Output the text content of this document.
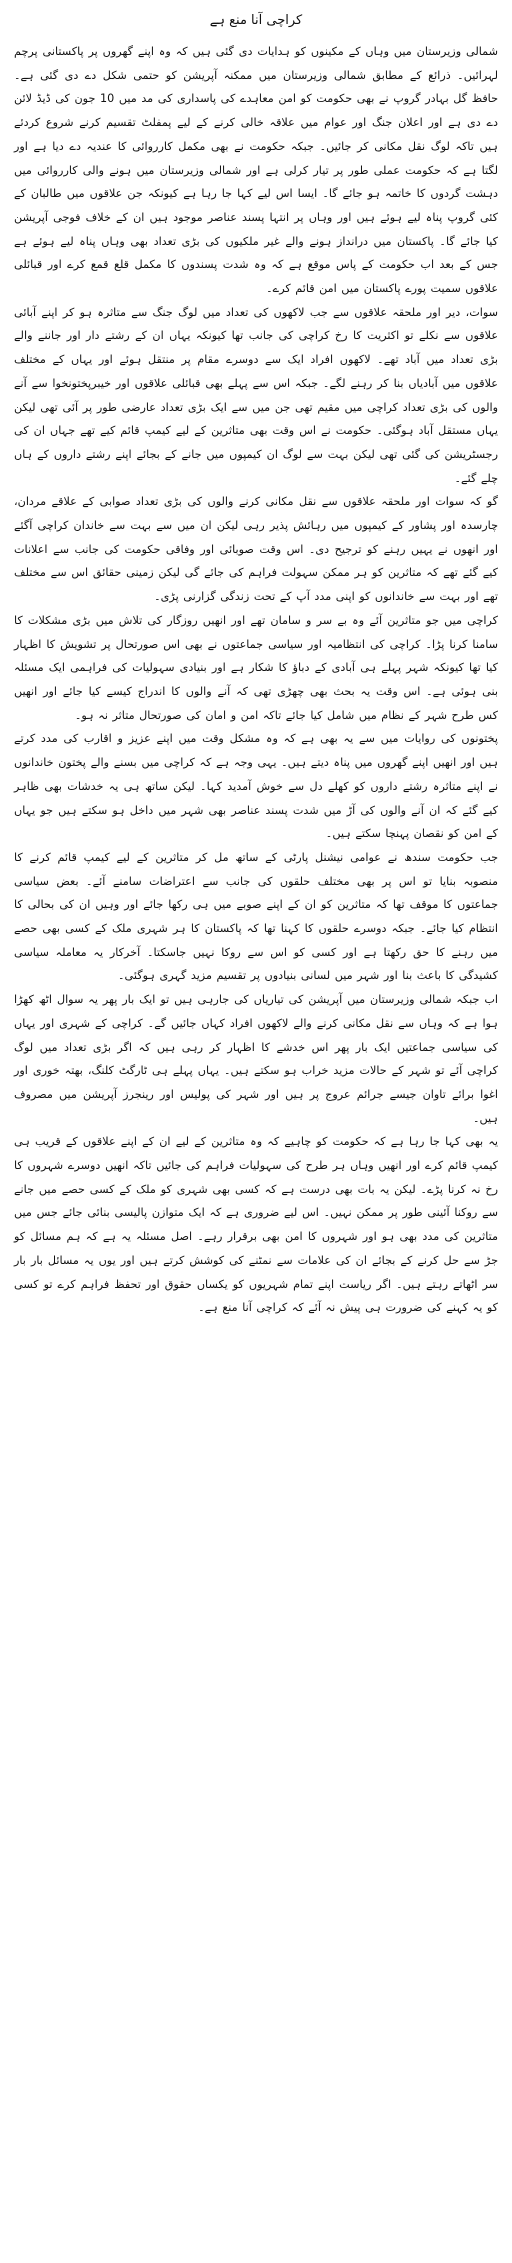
کراچی آنا منع ہے

شمالی وزیرستان میں وہاں کے مکینوں کو ہدایات دی گئی ہیں کہ وہ اپنے گھروں پر پاکستانی پرچم لہرائیں۔ ذرائع کے مطابق شمالی وزیرستان میں ممکنہ آپریشن کو حتمی شکل دے دی گئی ہے۔ حافظ گل بہادر گروپ نے بھی حکومت کو امن معاہدے کی پاسداری کی مد میں 10 جون کی ڈیڈ لائن دے دی ہے اور اعلان جنگ اور عوام میں علاقہ خالی کرنے کے لیے پمفلٹ تقسیم کرنے شروع کردئے ہیں تاکہ لوگ نقل مکانی کر جائیں۔ جبکہ حکومت نے بھی مکمل کارروائی کا عندیہ دے دیا ہے اور لگتا ہے کہ حکومت عملی طور پر تیار کرلی ہے اور شمالی وزیرستان میں ہونے والی کارروائی میں دہشت گردوں کا خاتمہ ہو جائے گا۔ ایسا اس لیے کہا جا رہا ہے کیونکہ جن علاقوں میں طالبان کے کئی گروپ پناہ لیے ہوئے ہیں اور وہاں پر انتہا پسند عناصر موجود ہیں ان کے خلاف فوجی آپریشن کیا جائے گا۔ پاکستان میں درانداز ہونے والے غیر ملکیوں کی بڑی تعداد بھی وہاں پناہ لیے ہوئے ہے جس کے بعد اب حکومت کے پاس موقع ہے کہ وہ شدت پسندوں کا مکمل قلع قمع کرے اور قبائلی علاقوں سمیت پورے پاکستان میں امن قائم کرے۔

سوات، دیر اور ملحقہ علاقوں سے جب لاکھوں کی تعداد میں لوگ جنگ سے متاثرہ ہو کر اپنے آبائی علاقوں سے نکلے تو اکثریت کا رخ کراچی کی جانب تھا کیونکہ یہاں ان کے رشتے دار اور جاننے والے بڑی تعداد میں آباد تھے۔ لاکھوں افراد ایک سے دوسرے مقام پر منتقل ہوئے اور یہاں کے مختلف علاقوں میں آبادیاں بنا کر رہنے لگے۔ جبکہ اس سے پہلے بھی قبائلی علاقوں اور خیبرپختونخوا سے آنے والوں کی بڑی تعداد کراچی میں مقیم تھی جن میں سے ایک بڑی تعداد عارضی طور پر آئی تھی لیکن یہاں مستقل آباد ہوگئی۔ حکومت نے اس وقت بھی متاثرین کے لیے کیمپ قائم کیے تھے جہاں ان کی رجسٹریشن کی گئی تھی لیکن بہت سے لوگ ان کیمپوں میں جانے کے بجائے اپنے رشتے داروں کے ہاں چلے گئے۔

گو کہ سوات اور ملحقہ علاقوں سے نقل مکانی کرنے والوں کی بڑی تعداد صوابی کے علاقے مردان، چارسدہ اور پشاور کے کیمپوں میں رہائش پذیر رہی لیکن ان میں سے بہت سے خاندان کراچی آگئے اور انھوں نے یہیں رہنے کو ترجیح دی۔ اس وقت صوبائی اور وفاقی حکومت کی جانب سے اعلانات کیے گئے تھے کہ متاثرین کو ہر ممکن سہولت فراہم کی جائے گی لیکن زمینی حقائق اس سے مختلف تھے اور بہت سے خاندانوں کو اپنی مدد آپ کے تحت زندگی گزارنی پڑی۔

کراچی میں جو متاثرین آئے وہ بے سر و سامان تھے اور انھیں روزگار کی تلاش میں بڑی مشکلات کا سامنا کرنا پڑا۔ کراچی کی انتظامیہ اور سیاسی جماعتوں نے بھی اس صورتحال پر تشویش کا اظہار کیا تھا کیونکہ شہر پہلے ہی آبادی کے دباؤ کا شکار ہے اور بنیادی سہولیات کی فراہمی ایک مسئلہ بنی ہوئی ہے۔ اس وقت یہ بحث بھی چھڑی تھی کہ آنے والوں کا اندراج کیسے کیا جائے اور انھیں کس طرح شہر کے نظام میں شامل کیا جائے تاکہ امن و امان کی صورتحال متاثر نہ ہو۔

پختونوں کی روایات میں سے یہ بھی ہے کہ وہ مشکل وقت میں اپنے عزیز و اقارب کی مدد کرتے ہیں اور انھیں اپنے گھروں میں پناہ دیتے ہیں۔ یہی وجہ ہے کہ کراچی میں بسنے والے پختون خاندانوں نے اپنے متاثرہ رشتے داروں کو کھلے دل سے خوش آمدید کہا۔ لیکن ساتھ ہی یہ خدشات بھی ظاہر کیے گئے کہ ان آنے والوں کی آڑ میں شدت پسند عناصر بھی شہر میں داخل ہو سکتے ہیں جو یہاں کے امن کو نقصان پہنچا سکتے ہیں۔

جب حکومت سندھ نے عوامی نیشنل پارٹی کے ساتھ مل کر متاثرین کے لیے کیمپ قائم کرنے کا منصوبہ بنایا تو اس پر بھی مختلف حلقوں کی جانب سے اعتراضات سامنے آئے۔ بعض سیاسی جماعتوں کا موقف تھا کہ متاثرین کو ان کے اپنے صوبے میں ہی رکھا جائے اور وہیں ان کی بحالی کا انتظام کیا جائے۔ جبکہ دوسرے حلقوں کا کہنا تھا کہ پاکستان کا ہر شہری ملک کے کسی بھی حصے میں رہنے کا حق رکھتا ہے اور کسی کو اس سے روکا نہیں جاسکتا۔ آخرکار یہ معاملہ سیاسی کشیدگی کا باعث بنا اور شہر میں لسانی بنیادوں پر تقسیم مزید گہری ہوگئی۔

اب جبکہ شمالی وزیرستان میں آپریشن کی تیاریاں کی جارہی ہیں تو ایک بار پھر یہ سوال اٹھ کھڑا ہوا ہے کہ وہاں سے نقل مکانی کرنے والے لاکھوں افراد کہاں جائیں گے۔ کراچی کے شہری اور یہاں کی سیاسی جماعتیں ایک بار پھر اس خدشے کا اظہار کر رہی ہیں کہ اگر بڑی تعداد میں لوگ کراچی آئے تو شہر کے حالات مزید خراب ہو سکتے ہیں۔ یہاں پہلے ہی ٹارگٹ کلنگ، بھتہ خوری اور اغوا برائے تاوان جیسے جرائم عروج پر ہیں اور شہر کی پولیس اور رینجرز آپریشن میں مصروف ہیں۔

یہ بھی کہا جا رہا ہے کہ حکومت کو چاہیے کہ وہ متاثرین کے لیے ان کے اپنے علاقوں کے قریب ہی کیمپ قائم کرے اور انھیں وہاں ہر طرح کی سہولیات فراہم کی جائیں تاکہ انھیں دوسرے شہروں کا رخ نہ کرنا پڑے۔ لیکن یہ بات بھی درست ہے کہ کسی بھی شہری کو ملک کے کسی حصے میں جانے سے روکنا آئینی طور پر ممکن نہیں۔ اس لیے ضروری ہے کہ ایک متوازن پالیسی بنائی جائے جس میں متاثرین کی مدد بھی ہو اور شہروں کا امن بھی برقرار رہے۔ اصل مسئلہ یہ ہے کہ ہم مسائل کو جڑ سے حل کرنے کے بجائے ان کی علامات سے نمٹنے کی کوشش کرتے ہیں اور یوں یہ مسائل بار بار سر اٹھاتے رہتے ہیں۔ اگر ریاست اپنے تمام شہریوں کو یکساں حقوق اور تحفظ فراہم کرے تو کسی کو یہ کہنے کی ضرورت ہی پیش نہ آئے کہ کراچی آنا منع ہے۔
